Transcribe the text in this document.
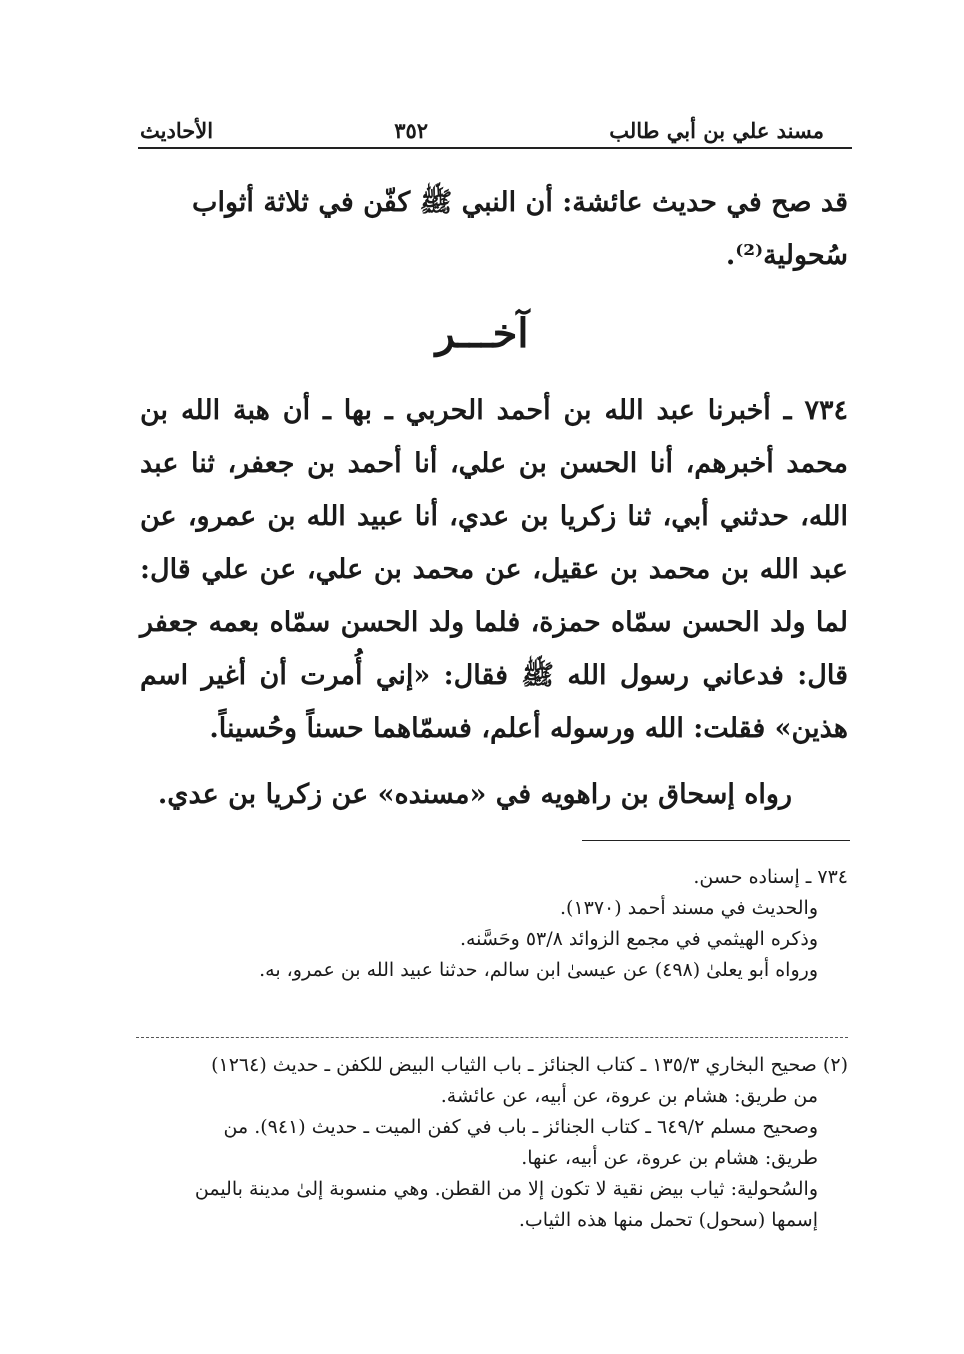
مسند علي بن أبي طالب
٣٥٢
الأحاديث
قد صح في حديث عائشة: أن النبي ﷺ كفّن في ثلاثة أثواب
سُحولية⁽²⁾.
آخـــر
٧٣٤ ـ أخبرنا عبد الله بن أحمد الحربي ـ بها ـ أن هبة الله بن محمد أخبرهم، أنا الحسن بن علي، أنا أحمد بن جعفر، ثنا عبد الله، حدثني أبي، ثنا زكريا بن عدي، أنا عبيد الله بن عمرو، عن عبد الله بن محمد بن عقيل، عن محمد بن علي، عن علي قال: لما ولد الحسن سمّاه حمزة، فلما ولد الحسن سمّاه بعمه جعفر قال: فدعاني رسول الله ﷺ فقال: «إني أُمرت أن أغير اسم هذين» فقلت: الله ورسوله أعلم، فسمّاهما حسناً وحُسيناً.
رواه إسحاق بن راهويه في «مسنده» عن زكريا بن عدي.

٧٣٤ ـ إسناده حسن.

والحديث في مسند أحمد (١٣٧٠).

وذكره الهيثمي في مجمع الزوائد ٥٣/٨ وحَسَّنه.

ورواه أبو يعلىٰ (٤٩٨) عن عيسىٰ ابن سالم، حدثنا عبيد الله بن عمرو، به.

(٢) صحيح البخاري ١٣٥/٣ ـ كتاب الجنائز ـ باب الثياب البيض للكفن ـ حديث (١٢٦٤)

من طريق: هشام بن عروة، عن أبيه، عن عائشة.

وصحيح مسلم ٦٤٩/٢ ـ كتاب الجنائز ـ باب في كفن الميت ـ حديث (٩٤١). من

طريق: هشام بن عروة، عن أبيه، عنها.

والسُحولية: ثياب بيض نقية لا تكون إلا من القطن. وهي منسوبة إلىٰ مدينة باليمن

إسمها (سحول) تحمل منها هذه الثياب.
